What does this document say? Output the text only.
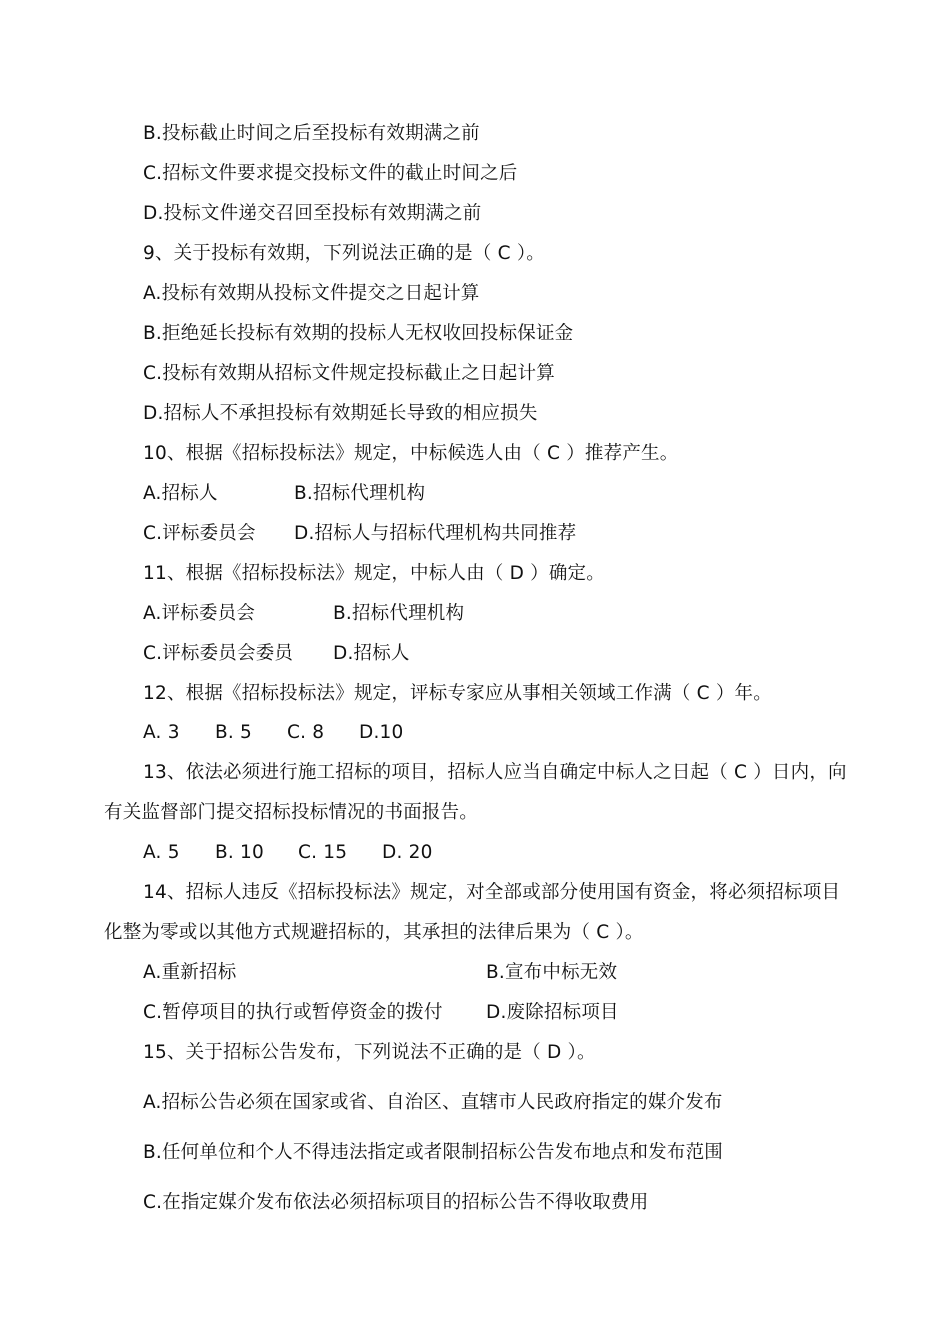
B.投标截止时间之后至投标有效期满之前
C.招标文件要求提交投标文件的截止时间之后
D.投标文件递交召回至投标有效期满之前
9、关于投标有效期，下列说法正确的是（ C ）。
A.投标有效期从投标文件提交之日起计算
B.拒绝延长投标有效期的投标人无权收回投标保证金
C.投标有效期从招标文件规定投标截止之日起计算
D.招标人不承担投标有效期延长导致的相应损失
10、根据《招标投标法》规定，中标候选人由（ C ）推荐产生。
A.招标人	B.招标代理机构
C.评标委员会 D.招标人与招标代理机构共同推荐
11、根据《招标投标法》规定，中标人由（ D ）确定。
A.评标委员会	B.招标代理机构
C.评标委员会委员 D.招标人
12、根据《招标投标法》规定，评标专家应从事相关领域工作满（ C ）年。
A. 3 B. 5 C. 8 D.10
13、依法必须进行施工招标的项目，招标人应当自确定中标人之日起（ C ）日内，向
有关监督部门提交招标投标情况的书面报告。
A. 5 B. 10 C. 15 D. 20
14、招标人违反《招标投标法》规定，对全部或部分使用国有资金，将必须招标项目
化整为零或以其他方式规避招标的，其承担的法律后果为（ C ）。
A.重新招标	B.宣布中标无效
C.暂停项目的执行或暂停资金的拨付 D.废除招标项目
15、关于招标公告发布，下列说法不正确的是（ D ）。
A.招标公告必须在国家或省、自治区、直辖市人民政府指定的媒介发布
B.任何单位和个人不得违法指定或者限制招标公告发布地点和发布范围
C.在指定媒介发布依法必须招标项目的招标公告不得收取费用
